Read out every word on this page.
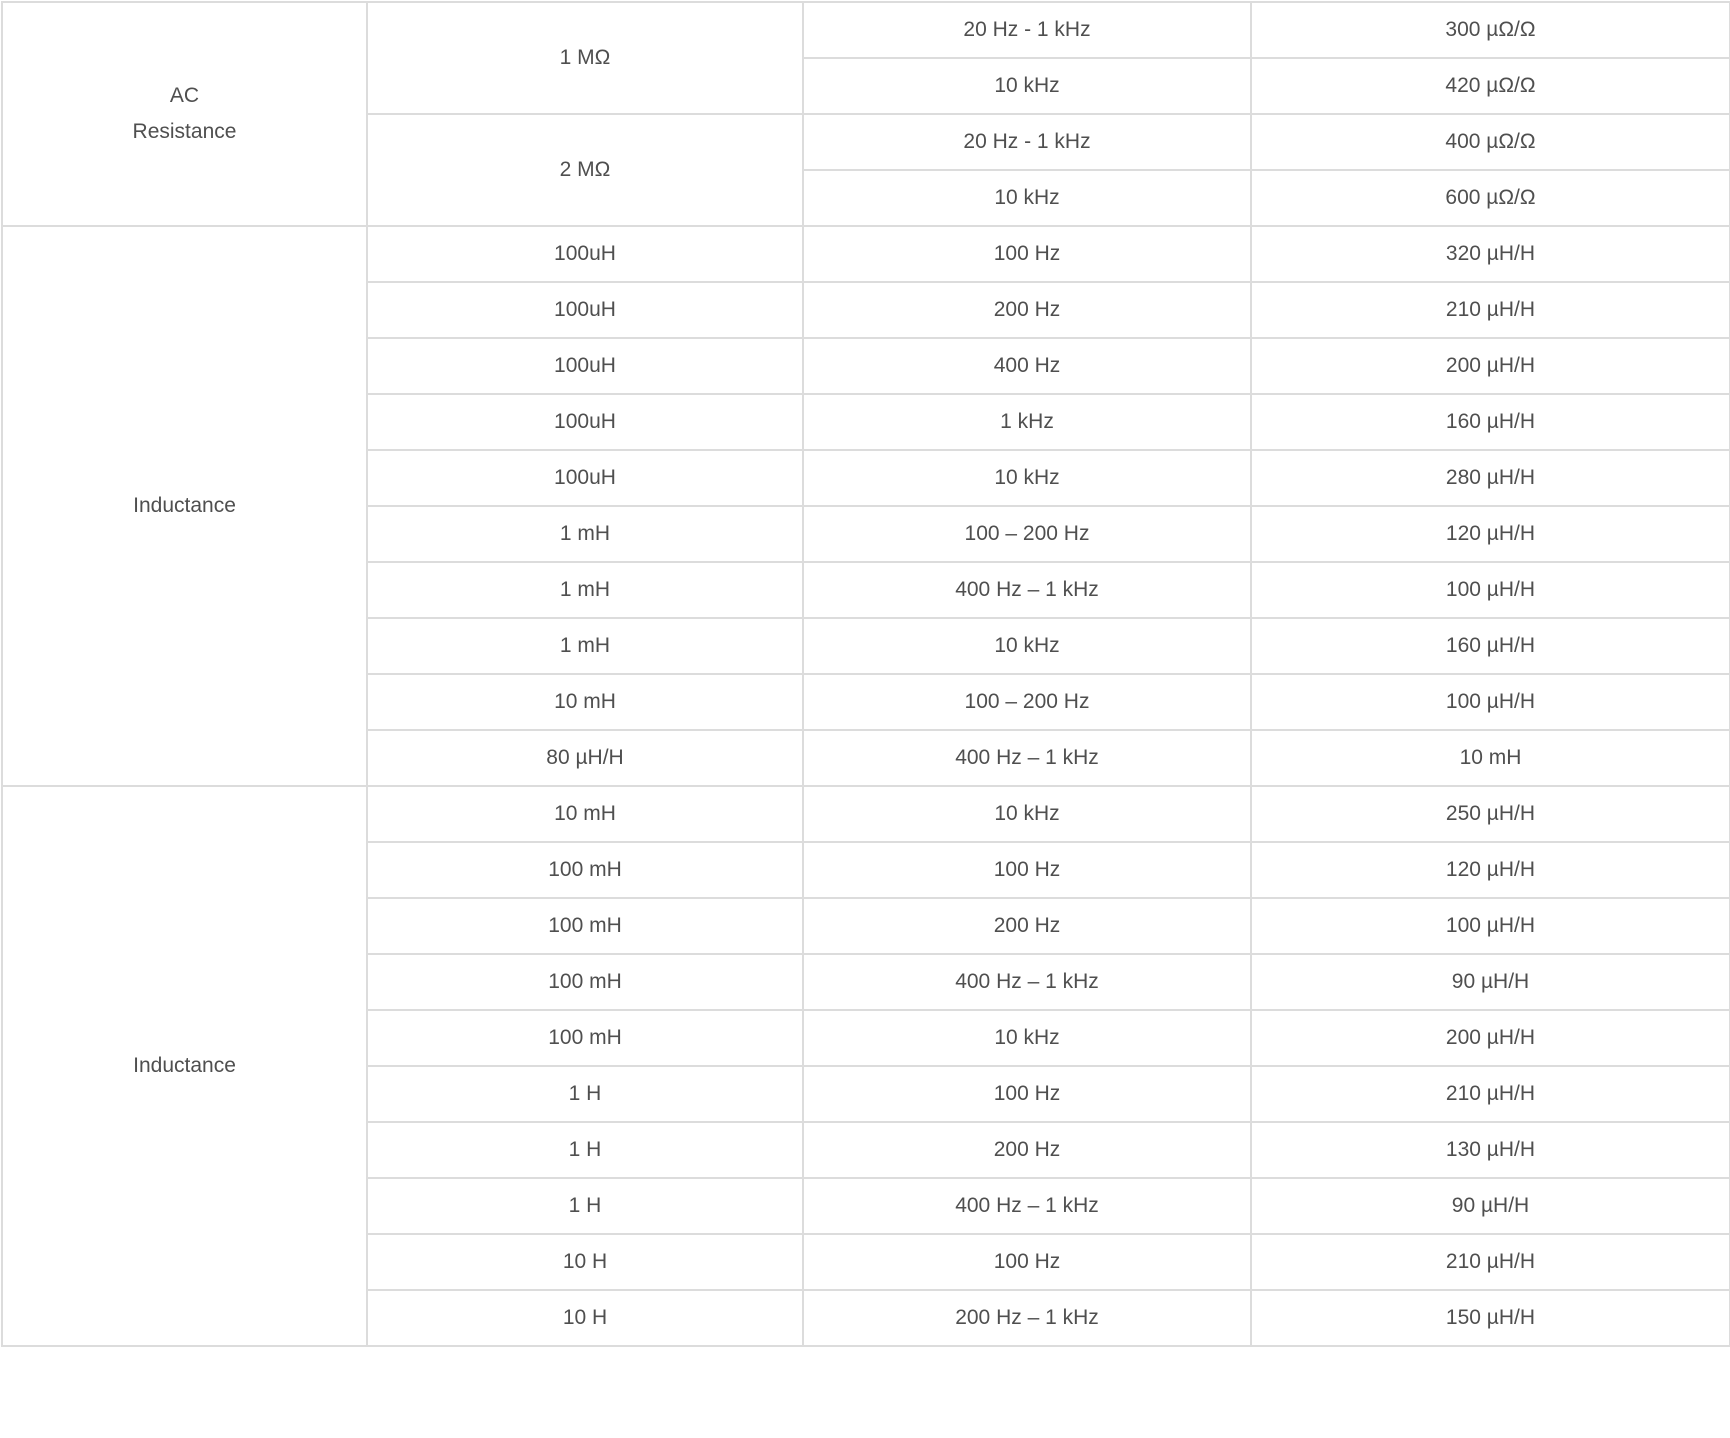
AC
Resistance	1 MΩ	20 Hz - 1 kHz	300 µΩ/Ω
		10 kHz	420 µΩ/Ω
	2 MΩ	20 Hz - 1 kHz	400 µΩ/Ω
		10 kHz	600 µΩ/Ω

Inductance	100uH	100 Hz	320 µH/H
	100uH	200 Hz	210 µH/H
	100uH	400 Hz	200 µH/H
	100uH	1 kHz	160 µH/H
	100uH	10 kHz	280 µH/H
	1 mH	100 – 200 Hz	120 µH/H
	1 mH	400 Hz – 1 kHz	100 µH/H
	1 mH	10 kHz	160 µH/H
	10 mH	100 – 200 Hz	100 µH/H
	80 µH/H	400 Hz – 1 kHz	10 mH

Inductance	10 mH	10 kHz	250 µH/H
	100 mH	100 Hz	120 µH/H
	100 mH	200 Hz	100 µH/H
	100 mH	400 Hz – 1 kHz	90 µH/H
	100 mH	10 kHz	200 µH/H
	1 H	100 Hz	210 µH/H
	1 H	200 Hz	130 µH/H
	1 H	400 Hz – 1 kHz	90 µH/H
	10 H	100 Hz	210 µH/H
	10 H	200 Hz – 1 kHz	150 µH/H
